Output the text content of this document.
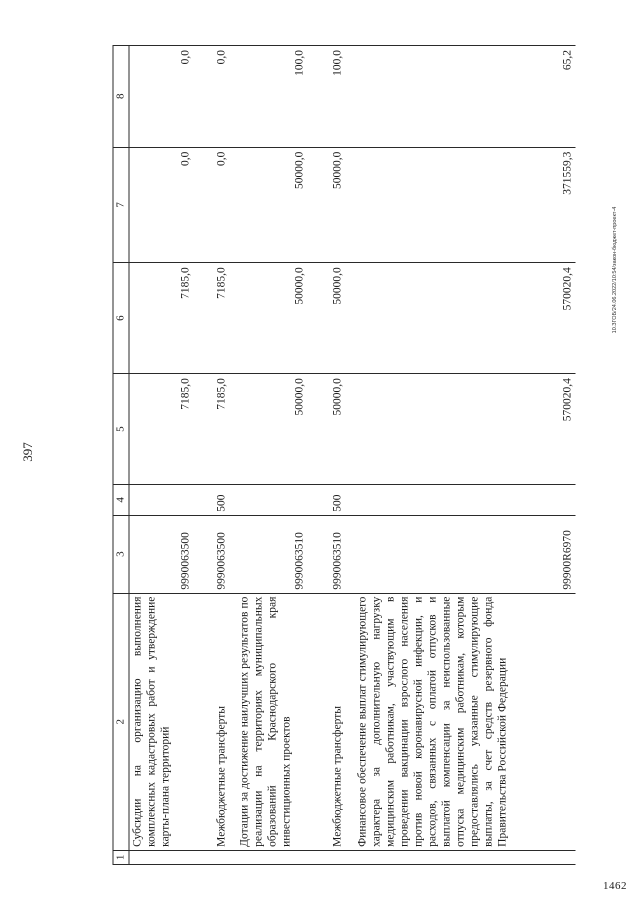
397
1	2	3	4	5	6	7	8
	Субсидии на организацию выполнения комплексных кадастровых работ и утверждение карты-плана территорий	9990063500		7185,0	7185,0	0,0	0,0
	Межбюджетные трансферты	9990063500	500	7185,0	7185,0	0,0	0,0
	Дотации за достижение наилучших результатов по реализации на территориях муниципальных образований Краснодарского края инвестиционных проектов	9990063510		50000,0	50000,0	50000,0	100,0
	Межбюджетные трансферты	9990063510	500	50000,0	50000,0	50000,0	100,0
	Финансовое обеспечение выплат стимулирующего характера за дополнительную нагрузку медицинским работникам, участвующим в проведении вакцинации взрослого населения против новой коронавирусной инфекции, и расходов, связанных с оплатой отпусков и выплатой компенсации за неиспользованные отпуска медицинским работникам, которым предоставлялись указанные стимулирующие выплаты, за счет средств резервного фонда Правительства Российской Федерации	99900R6970		570020,4	570020,4	371559,3	65,2
10.ЗГОБ/24.06.2022/10:54/закон-бюджет-проект-4
1462
